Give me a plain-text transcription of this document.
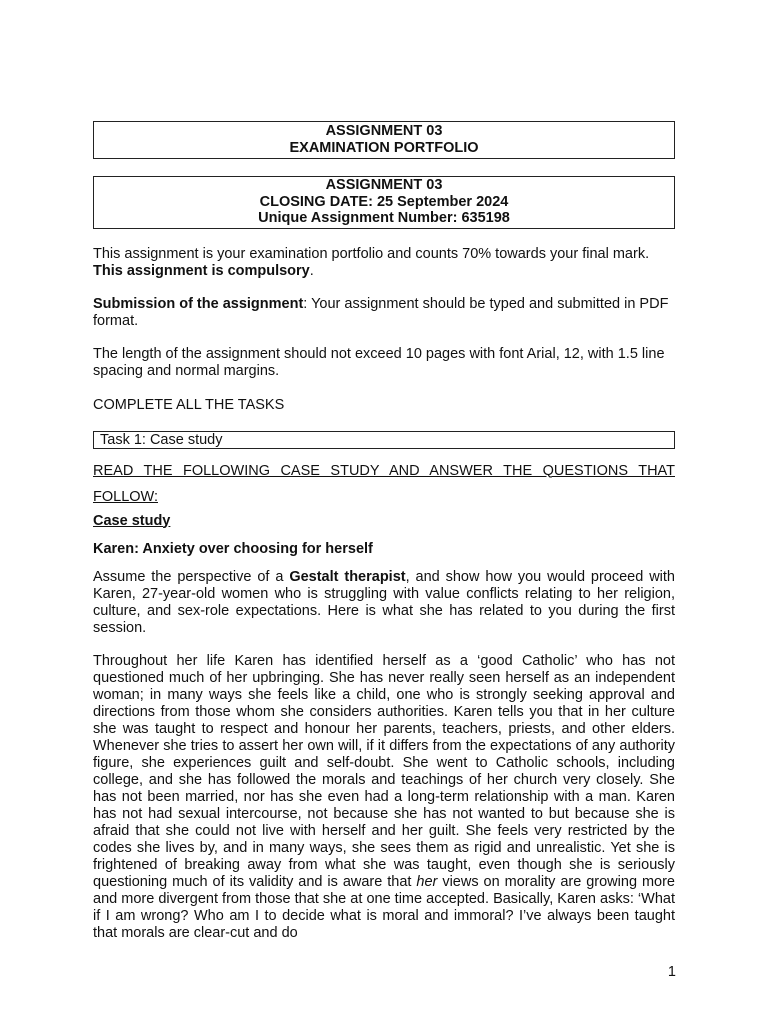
ASSIGNMENT 03
EXAMINATION PORTFOLIO
ASSIGNMENT 03
CLOSING DATE: 25 September 2024
Unique Assignment Number: 635198

This assignment is your examination portfolio and counts 70% towards your final mark. This assignment is compulsory.

Submission of the assignment: Your assignment should be typed and submitted in PDF format.

The length of the assignment should not exceed 10 pages with font Arial, 12, with 1.5 line spacing and normal margins.

COMPLETE ALL THE TASKS

Task 1: Case study
READ THE FOLLOWING CASE STUDY AND ANSWER THE QUESTIONS THAT FOLLOW:

Case study

Karen: Anxiety over choosing for herself

Assume the perspective of a Gestalt therapist, and show how you would proceed with Karen, 27-year-old women who is struggling with value conflicts relating to her religion, culture, and sex-role expectations. Here is what she has related to you during the first session.

Throughout her life Karen has identified herself as a ‘good Catholic’ who has not questioned much of her upbringing. She has never really seen herself as an independent woman; in many ways she feels like a child, one who is strongly seeking approval and directions from those whom she considers authorities. Karen tells you that in her culture she was taught to respect and honour her parents, teachers, priests, and other elders. Whenever she tries to assert her own will, if it differs from the expectations of any authority figure, she experiences guilt and self-doubt. She went to Catholic schools, including college, and she has followed the morals and teachings of her church very closely. She has not been married, nor has she even had a long-term relationship with a man. Karen has not had sexual intercourse, not because she has not wanted to but because she is afraid that she could not live with herself and her guilt. She feels very restricted by the codes she lives by, and in many ways, she sees them as rigid and unrealistic. Yet she is frightened of breaking away from what she was taught, even though she is seriously questioning much of its validity and is aware that her views on morality are growing more and more divergent from those that she at one time accepted. Basically, Karen asks: ‘What if I am wrong? Who am I to decide what is moral and immoral? I’ve always been taught that morals are clear-cut and do

1
